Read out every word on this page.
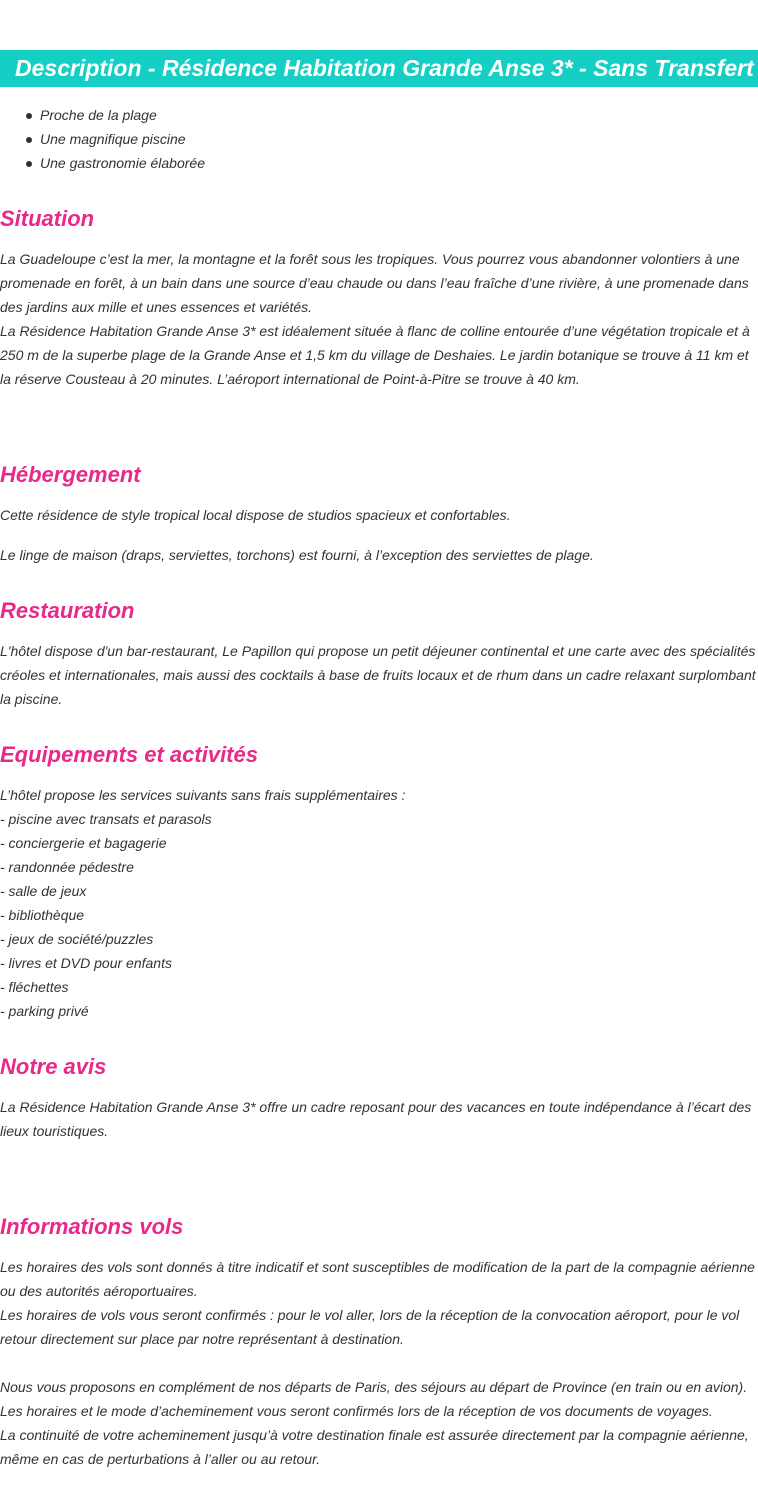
Description - Résidence Habitation Grande Anse 3* - Sans Transfert
Proche de la plage
Une magnifique piscine
Une gastronomie élaborée
Situation
La Guadeloupe c’est la mer, la montagne et la forêt sous les tropiques. Vous pourrez vous abandonner volontiers à une promenade en forêt, à un bain dans une source d’eau chaude ou dans l’eau fraîche d’une rivière, à une promenade dans des jardins aux mille et unes essences et variétés.
La Résidence Habitation Grande Anse 3* est idéalement située à flanc de colline entourée d’une végétation tropicale et à 250 m de la superbe plage de la Grande Anse et 1,5 km du village de Deshaies. Le jardin botanique se trouve à 11 km et la réserve Cousteau à 20 minutes. L’aéroport international de Point-à-Pitre se trouve à 40 km.
Hébergement

Cette résidence de style tropical local dispose de studios spacieux et confortables.

Le linge de maison (draps, serviettes, torchons) est fourni, à l’exception des serviettes de plage.

Restauration

L'hôtel dispose d'un bar-restaurant, Le Papillon qui propose un petit déjeuner continental et une carte avec des spécialités créoles et internationales, mais aussi des cocktails à base de fruits locaux et de rhum dans un cadre relaxant surplombant la piscine.

Equipements et activités
L’hôtel propose les services suivants sans frais supplémentaires :
- piscine avec transats et parasols
- conciergerie et bagagerie
- randonnée pédestre
- salle de jeux
- bibliothèque
- jeux de société/puzzles
- livres et DVD pour enfants
- fléchettes
- parking privé
Notre avis

La Résidence Habitation Grande Anse 3* offre un cadre reposant pour des vacances en toute indépendance à l’écart des lieux touristiques.

Informations vols
Les horaires des vols sont donnés à titre indicatif et sont susceptibles de modification de la part de la compagnie aérienne ou des autorités aéroportuaires.
Les horaires de vols vous seront confirmés : pour le vol aller, lors de la réception de la convocation aéroport, pour le vol retour directement sur place par notre représentant à destination.
Nous vous proposons en complément de nos départs de Paris, des séjours au départ de Province (en train ou en avion).
Les horaires et le mode d’acheminement vous seront confirmés lors de la réception de vos documents de voyages.
La continuité de votre acheminement jusqu’à votre destination finale est assurée directement par la compagnie aérienne, même en cas de perturbations à l’aller ou au retour.
